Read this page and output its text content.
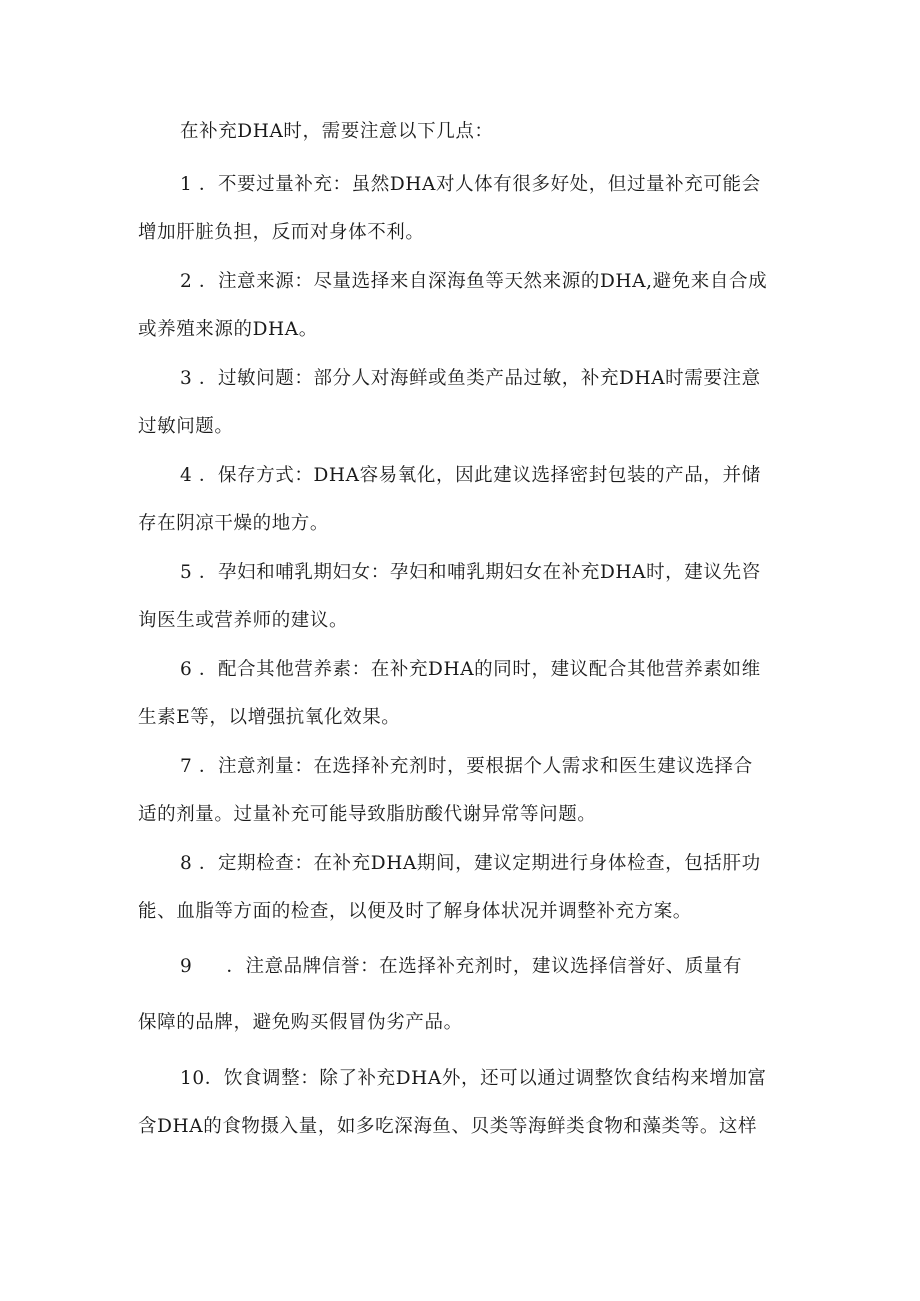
在补充DHA时，需要注意以下几点：
1 ．不要过量补充：虽然DHA对人体有很多好处，但过量补充可能会
增加肝脏负担，反而对身体不利。
2 ．注意来源：尽量选择来自深海鱼等天然来源的DHA,避免来自合成
或养殖来源的DHA。
3 ．过敏问题：部分人对海鲜或鱼类产品过敏，补充DHA时需要注意
过敏问题。
4 ．保存方式：DHA容易氧化，因此建议选择密封包装的产品，并储
存在阴凉干燥的地方。
5 ．孕妇和哺乳期妇女：孕妇和哺乳期妇女在补充DHA时，建议先咨
询医生或营养师的建议。
6 ．配合其他营养素：在补充DHA的同时，建议配合其他营养素如维
生素E等，以增强抗氧化效果。
7 ．注意剂量：在选择补充剂时，要根据个人需求和医生建议选择合
适的剂量。过量补充可能导致脂肪酸代谢异常等问题。
8 ．定期检查：在补充DHA期间，建议定期进行身体检查，包括肝功
能、血脂等方面的检查，以便及时了解身体状况并调整补充方案。
9 ．注意品牌信誉：在选择补充剂时，建议选择信誉好、质量有
保障的品牌，避免购买假冒伪劣产品。
10．饮食调整：除了补充DHA外，还可以通过调整饮食结构来增加富
含DHA的食物摄入量，如多吃深海鱼、贝类等海鲜类食物和藻类等。这样
